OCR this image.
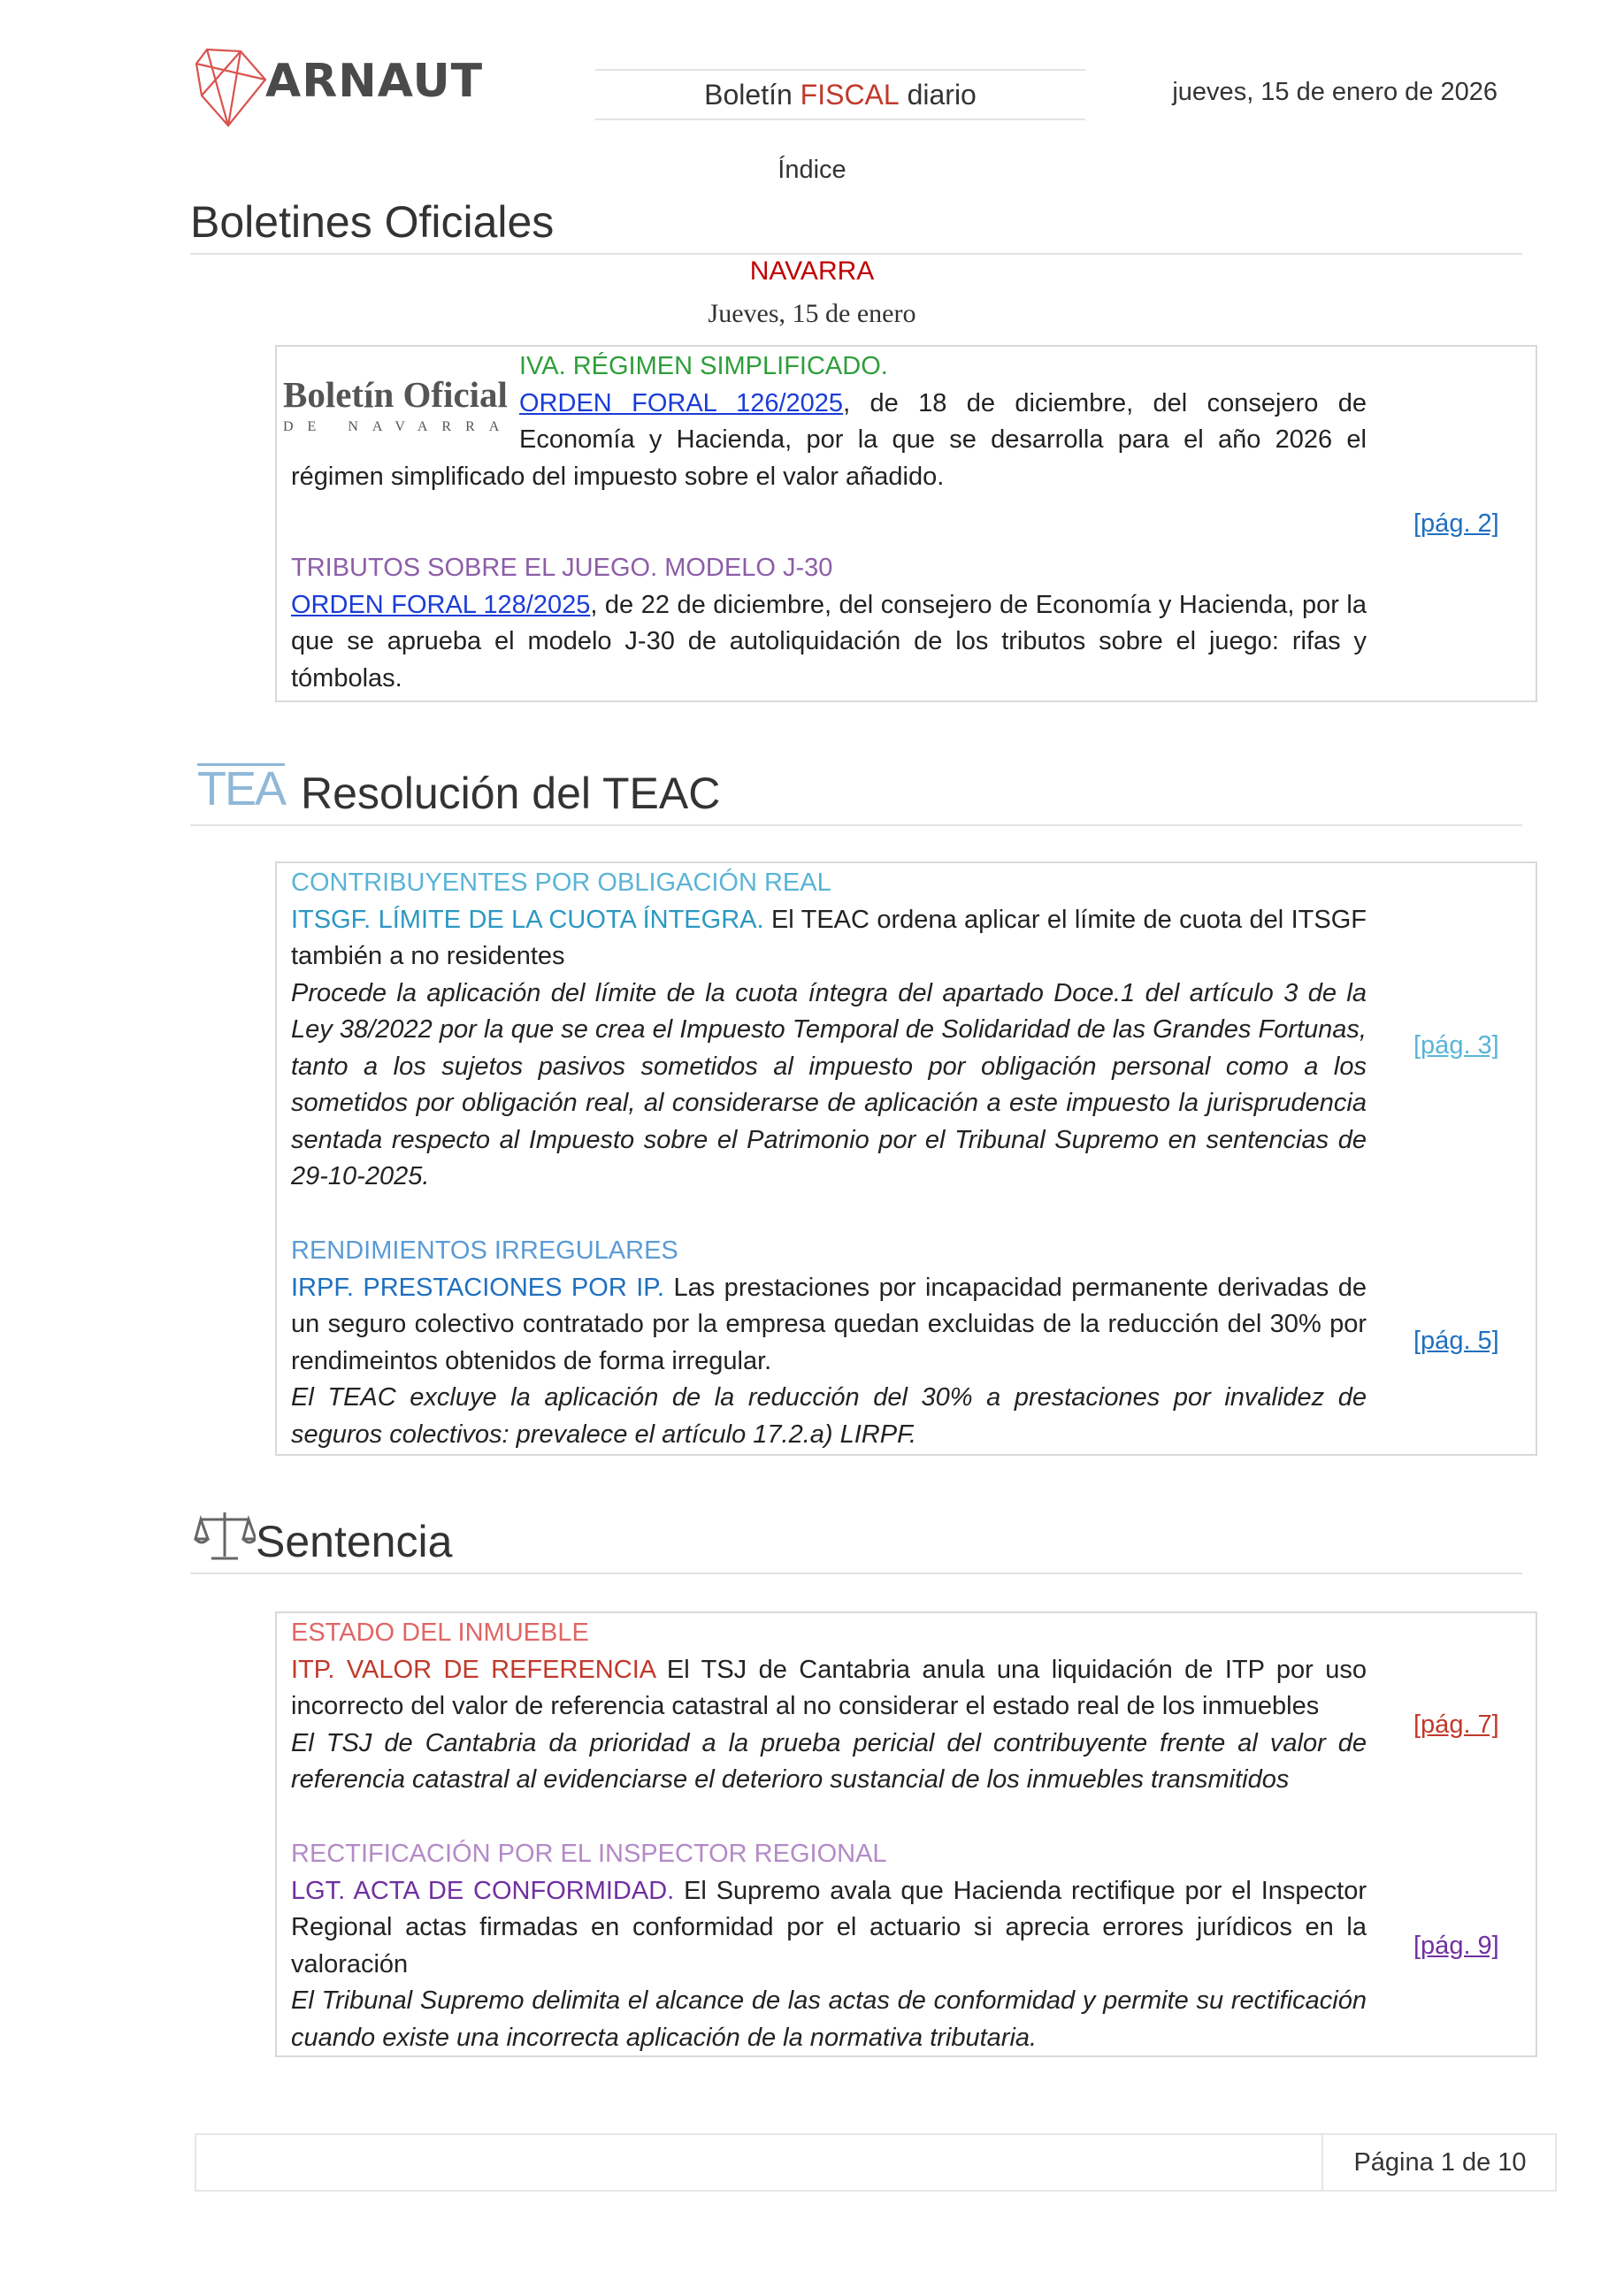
ARNAUT	Boletín FISCAL diario	jueves, 15 de enero de 2026
Índice
Boletines Oficiales
NAVARRA
Jueves, 15 de enero
Boletín Oficial
DE NAVARRA

IVA. RÉGIMEN SIMPLIFICADO.

ORDEN FORAL 126/2025, de 18 de diciembre, del consejero de Economía y Hacienda, por la que se desarrolla para el año 2026 el régimen simplificado del impuesto sobre el valor añadido.

[pág. 2]

TRIBUTOS SOBRE EL JUEGO. MODELO J-30

ORDEN FORAL 128/2025, de 22 de diciembre, del consejero de Economía y Hacienda, por la que se aprueba el modelo J-30 de autoliquidación de los tributos sobre el juego: rifas y tómbolas.

TEA Resolución del TEAC

CONTRIBUYENTES POR OBLIGACIÓN REAL

ITSGF. LÍMITE DE LA CUOTA ÍNTEGRA. El TEAC ordena aplicar el límite de cuota del ITSGF también a no residentes

Procede la aplicación del límite de la cuota íntegra del apartado Doce.1 del artículo 3 de la Ley 38/2022 por la que se crea el Impuesto Temporal de Solidaridad de las Grandes Fortunas, tanto a los sujetos pasivos sometidos al impuesto por obligación personal como a los sometidos por obligación real, al considerarse de aplicación a este impuesto la jurisprudencia sentada respecto al Impuesto sobre el Patrimonio por el Tribunal Supremo en sentencias de 29-10-2025.

[pág. 3]

RENDIMIENTOS IRREGULARES

IRPF. PRESTACIONES POR IP. Las prestaciones por incapacidad permanente derivadas de un seguro colectivo contratado por la empresa quedan excluidas de la reducción del 30% por rendimeintos obtenidos de forma irregular.

El TEAC excluye la aplicación de la reducción del 30% a prestaciones por invalidez de seguros colectivos: prevalece el artículo 17.2.a) LIRPF.

[pág. 5]
Sentencia

ESTADO DEL INMUEBLE

ITP. VALOR DE REFERENCIA El TSJ de Cantabria anula una liquidación de ITP por uso incorrecto del valor de referencia catastral al no considerar el estado real de los inmuebles

El TSJ de Cantabria da prioridad a la prueba pericial del contribuyente frente al valor de referencia catastral al evidenciarse el deterioro sustancial de los inmuebles transmitidos

[pág. 7]

RECTIFICACIÓN POR EL INSPECTOR REGIONAL

LGT. ACTA DE CONFORMIDAD. El Supremo avala que Hacienda rectifique por el Inspector Regional actas firmadas en conformidad por el actuario si aprecia errores jurídicos en la valoración

El Tribunal Supremo delimita el alcance de las actas de conformidad y permite su rectificación cuando existe una incorrecta aplicación de la normativa tributaria.

[pág. 9]
Página 1 de 10
